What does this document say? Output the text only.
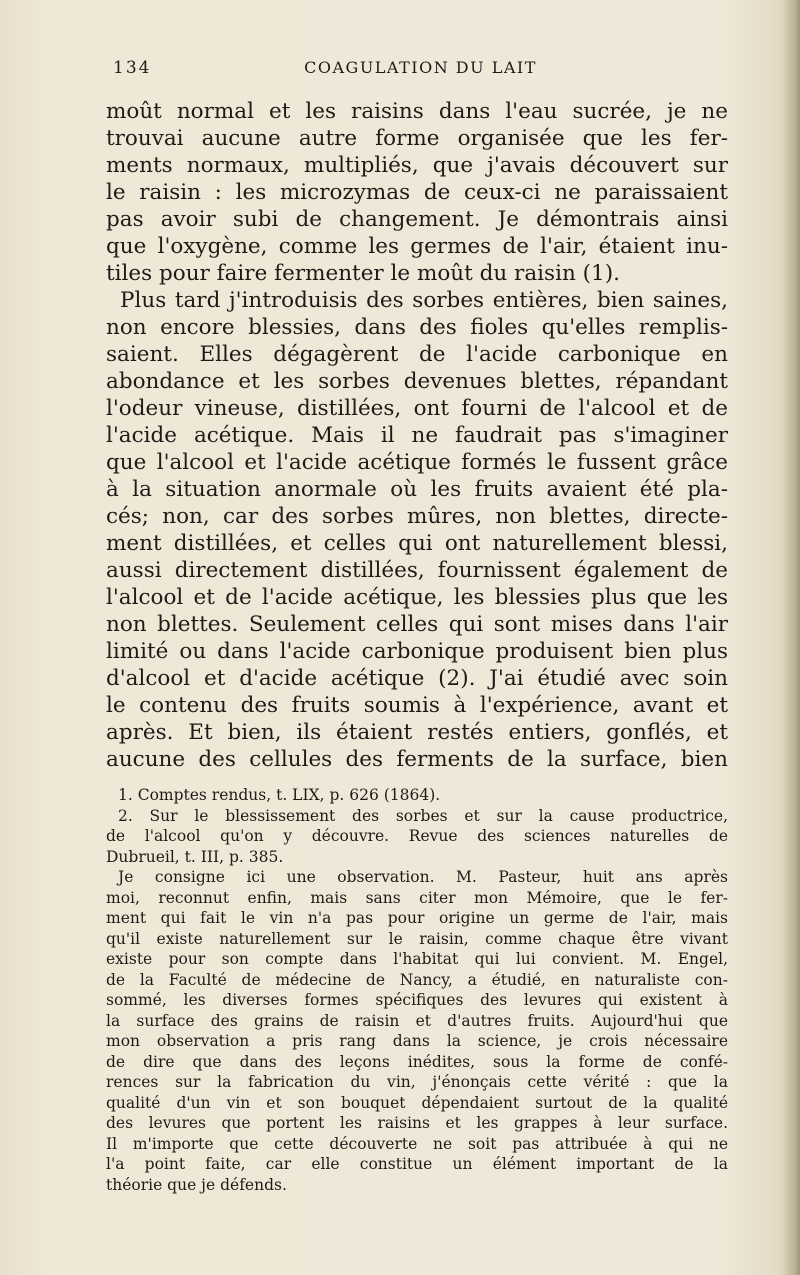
134	COAGULATION DU LAIT
moût normal et les raisins dans l'eau sucrée, je ne
trouvai aucune autre forme organisée que les fer-
ments normaux, multipliés, que j'avais découvert sur
le raisin : les microzymas de ceux-ci ne paraissaient
pas avoir subi de changement. Je démontrais ainsi
que l'oxygène, comme les germes de l'air, étaient inu-
tiles pour faire fermenter le moût du raisin (1).
Plus tard j'introduisis des sorbes entières, bien saines,
non encore blessies, dans des fioles qu'elles remplis-
saient. Elles dégagèrent de l'acide carbonique en
abondance et les sorbes devenues blettes, répandant
l'odeur vineuse, distillées, ont fourni de l'alcool et de
l'acide acétique. Mais il ne faudrait pas s'imaginer
que l'alcool et l'acide acétique formés le fussent grâce
à la situation anormale où les fruits avaient été pla-
cés; non, car des sorbes mûres, non blettes, directe-
ment distillées, et celles qui ont naturellement blessi,
aussi directement distillées, fournissent également de
l'alcool et de l'acide acétique, les blessies plus que les
non blettes. Seulement celles qui sont mises dans l'air
limité ou dans l'acide carbonique produisent bien plus
d'alcool et d'acide acétique (2). J'ai étudié avec soin
le contenu des fruits soumis à l'expérience, avant et
après. Et bien, ils étaient restés entiers, gonflés, et
aucune des cellules des ferments de la surface, bien
1. Comptes rendus, t. LIX, p. 626 (1864).
2. Sur le blessissement des sorbes et sur la cause productrice,
de l'alcool qu'on y découvre. Revue des sciences naturelles de
Dubrueil, t. III, p. 385.
Je consigne ici une observation. M. Pasteur, huit ans après
moi, reconnut enfin, mais sans citer mon Mémoire, que le fer-
ment qui fait le vin n'a pas pour origine un germe de l'air, mais
qu'il existe naturellement sur le raisin, comme chaque être vivant
existe pour son compte dans l'habitat qui lui convient. M. Engel,
de la Faculté de médecine de Nancy, a étudié, en naturaliste con-
sommé, les diverses formes spécifiques des levures qui existent à
la surface des grains de raisin et d'autres fruits. Aujourd'hui que
mon observation a pris rang dans la science, je crois nécessaire
de dire que dans des leçons inédites, sous la forme de confé-
rences sur la fabrication du vin, j'énonçais cette vérité : que la
qualité d'un vin et son bouquet dépendaient surtout de la qualité
des levures que portent les raisins et les grappes à leur surface.
Il m'importe que cette découverte ne soit pas attribuée à qui ne
l'a point faite, car elle constitue un élément important de la
théorie que je défends.
